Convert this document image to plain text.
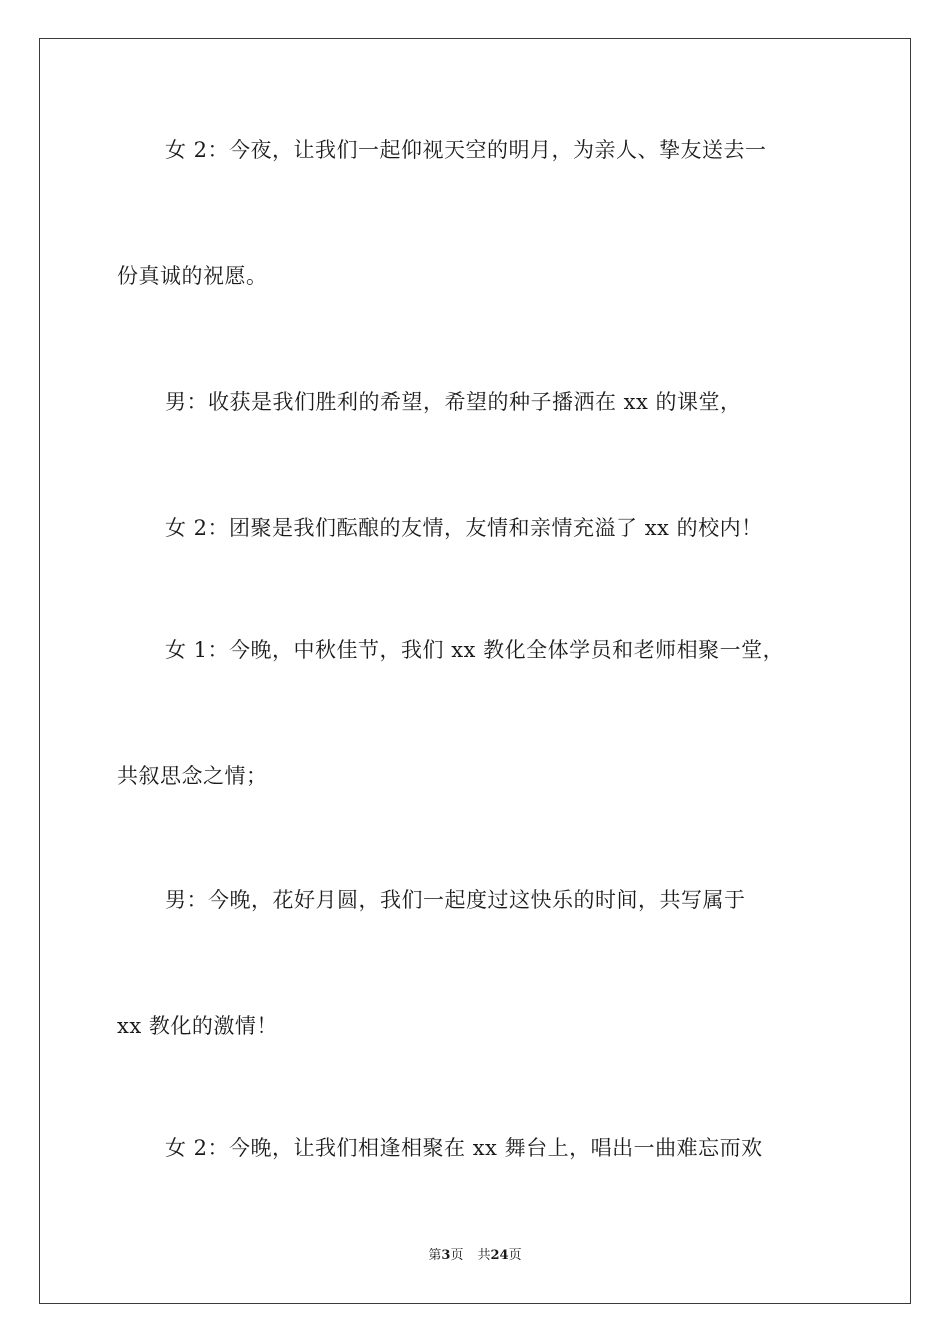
女 2：今夜，让我们一起仰视天空的明月，为亲人、挚友送去一
份真诚的祝愿。
男：收获是我们胜利的希望，希望的种子播洒在 xx 的课堂，
女 2：团聚是我们酝酿的友情，友情和亲情充溢了 xx 的校内！
女 1：今晚，中秋佳节，我们 xx 教化全体学员和老师相聚一堂，
共叙思念之情；
男：今晚，花好月圆，我们一起度过这快乐的时间，共写属于
xx 教化的激情！
女 2：今晚，让我们相逢相聚在 xx 舞台上，唱出一曲难忘而欢
第3页 共24页
